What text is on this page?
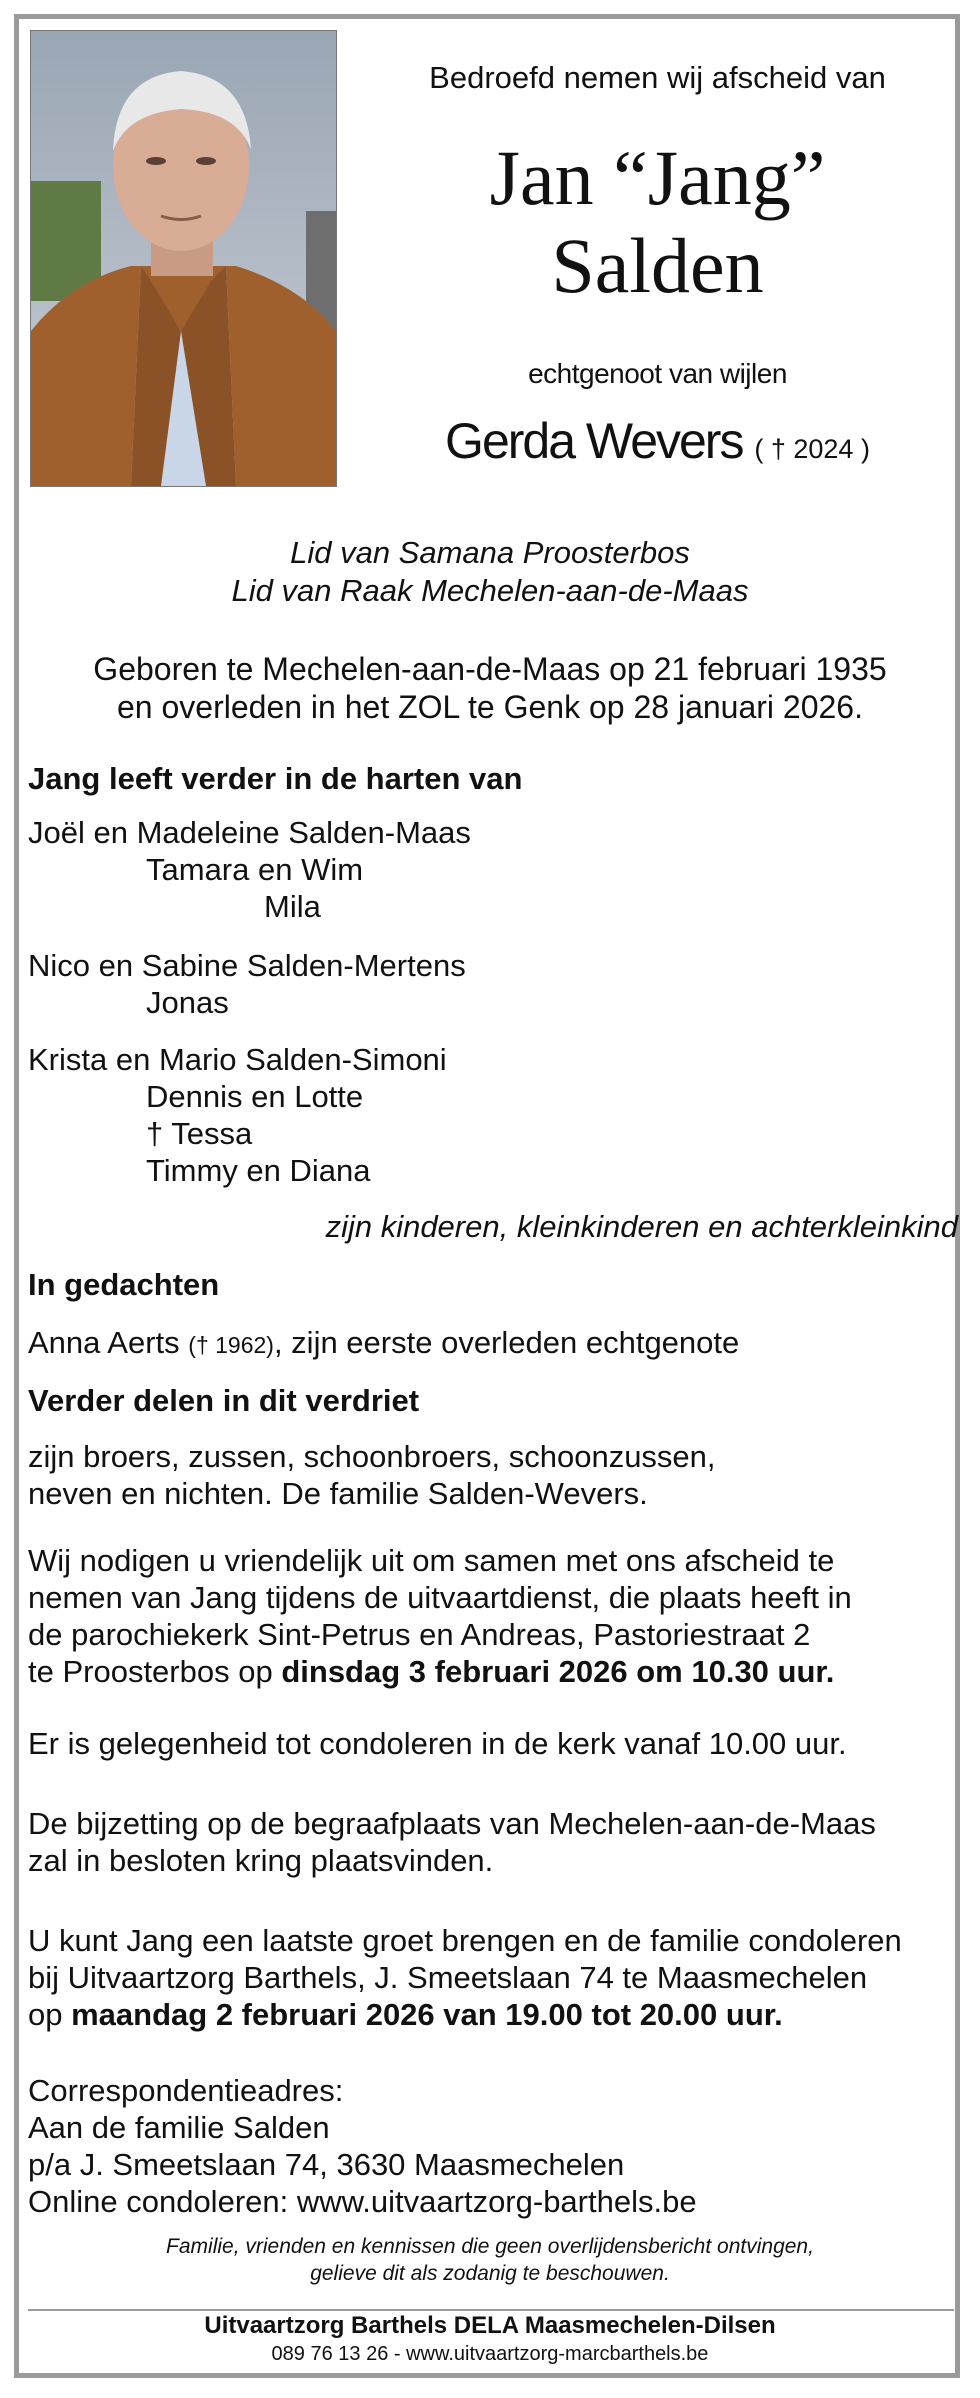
Bedroefd nemen wij afscheid van
Jan “Jang”
Salden
echtgenoot van wijlen
Gerda Wevers ( † 2024 )
Lid van Samana Proosterbos
Lid van Raak Mechelen-aan-de-Maas
Geboren te Mechelen-aan-de-Maas op 21 februari 1935
en overleden in het ZOL te Genk op 28 januari 2026.
Jang leeft verder in de harten van
Joël en Madeleine Salden-Maas
Tamara en Wim
Mila
Nico en Sabine Salden-Mertens
Jonas
Krista en Mario Salden-Simoni
Dennis en Lotte
† Tessa
Timmy en Diana
zijn kinderen, kleinkinderen en achterkleinkind
In gedachten
Anna Aerts († 1962), zijn eerste overleden echtgenote
Verder delen in dit verdriet
zijn broers, zussen, schoonbroers, schoonzussen,
neven en nichten. De familie Salden-Wevers.
Wij nodigen u vriendelijk uit om samen met ons afscheid te
nemen van Jang tijdens de uitvaartdienst, die plaats heeft in
de parochiekerk Sint-Petrus en Andreas, Pastoriestraat 2
te Proosterbos op dinsdag 3 februari 2026 om 10.30 uur.
Er is gelegenheid tot condoleren in de kerk vanaf 10.00 uur.
De bijzetting op de begraafplaats van Mechelen-aan-de-Maas
zal in besloten kring plaatsvinden.
U kunt Jang een laatste groet brengen en de familie condoleren
bij Uitvaartzorg Barthels, J. Smeetslaan 74 te Maasmechelen
op maandag 2 februari 2026 van 19.00 tot 20.00 uur.
Correspondentieadres:
Aan de familie Salden
p/a J. Smeetslaan 74, 3630 Maasmechelen
Online condoleren: www.uitvaartzorg-barthels.be
Familie, vrienden en kennissen die geen overlijdensbericht ontvingen,
gelieve dit als zodanig te beschouwen.
Uitvaartzorg Barthels DELA Maasmechelen-Dilsen
089 76 13 26 - www.uitvaartzorg-marcbarthels.be
